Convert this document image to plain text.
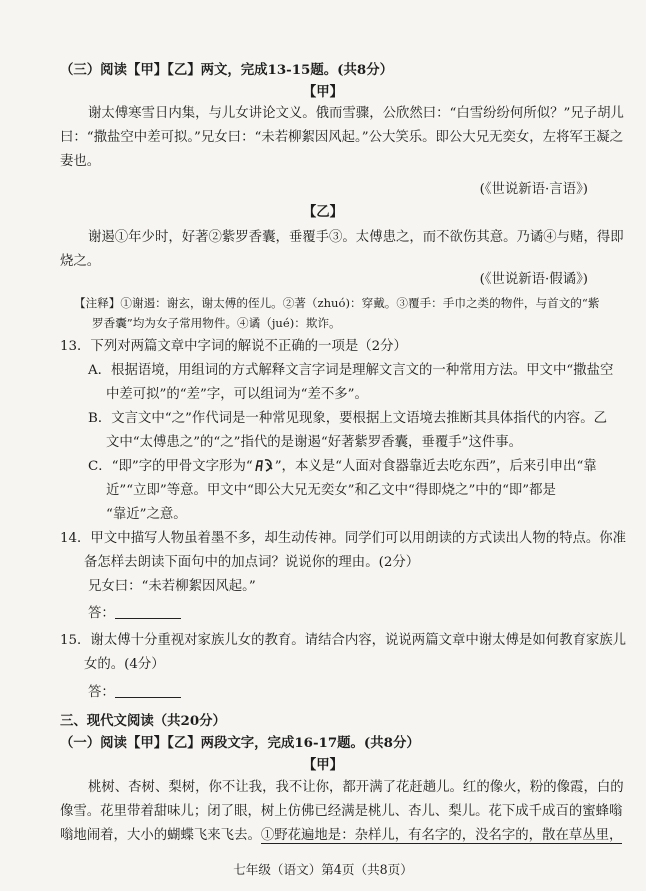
（三）阅读【甲】【乙】两文，完成13-15题。(共8分）
【甲】
谢太傅寒雪日内集，与儿女讲论文义。俄而雪骤，公欣然曰：“白雪纷纷何所似？”兄子胡儿
曰：“撒盐空中差可拟。”兄女曰：“未若柳絮因风起。”公大笑乐。即公大兄无奕女，左将军王凝之
妻也。
(《世说新语·言语》)
【乙】
谢遏①年少时，好著②紫罗香囊，垂覆手③。太傅患之，而不欲伤其意。乃谲④与赌，得即
烧之。
(《世说新语·假谲》)
【注释】①谢遏：谢玄，谢太傅的侄儿。②著（zhuó)：穿戴。③覆手：手巾之类的物件，与首文的“紫
罗香囊”均为女子常用物件。④谲（jué)：欺诈。
13．下列对两篇文章中字词的解说不正确的一项是（2分）
A．根据语境，用组词的方式解释文言字词是理解文言文的一种常用方法。甲文中“撒盐空
中差可拟”的“差”字，可以组词为“差不多”。
B．文言文中“之”作代词是一种常见现象，要根据上文语境去推断其具体指代的内容。乙
文中“太傅患之”的“之”指代的是谢遏“好著紫罗香囊，垂覆手”这件事。
C．“即”字的甲骨文字形为“ ”，本义是“人面对食器靠近去吃东西”，后来引申出“靠
近”“立即”等意。甲文中“即公大兄无奕女”和乙文中“得即烧之”中的“即”都是
“靠近”之意。
14．甲文中描写人物虽着墨不多，却生动传神。同学们可以用朗读的方式读出人物的特点。你准
备怎样去朗读下面句中的加点词？说说你的理由。(2分）
兄女曰：“未若柳絮因风起。”
答：
15．谢太傅十分重视对家族儿女的教育。请结合内容，说说两篇文章中谢太傅是如何教育家族儿
女的。(4分）
答：
三、现代文阅读（共20分）
（一）阅读【甲】【乙】两段文字，完成16-17题。(共8分）
【甲】
桃树、杏树、梨树，你不让我，我不让你，都开满了花赶趟儿。红的像火，粉的像霞，白的
像雪。花里带着甜味儿；闭了眼，树上仿佛已经满是桃儿、杏儿、梨儿。花下成千成百的蜜蜂嗡
嗡地闹着，大小的蝴蝶飞来飞去。①野花遍地是：杂样儿，有名字的，没名字的，散在草丛里，
七年级（语文）第4页（共8页）
